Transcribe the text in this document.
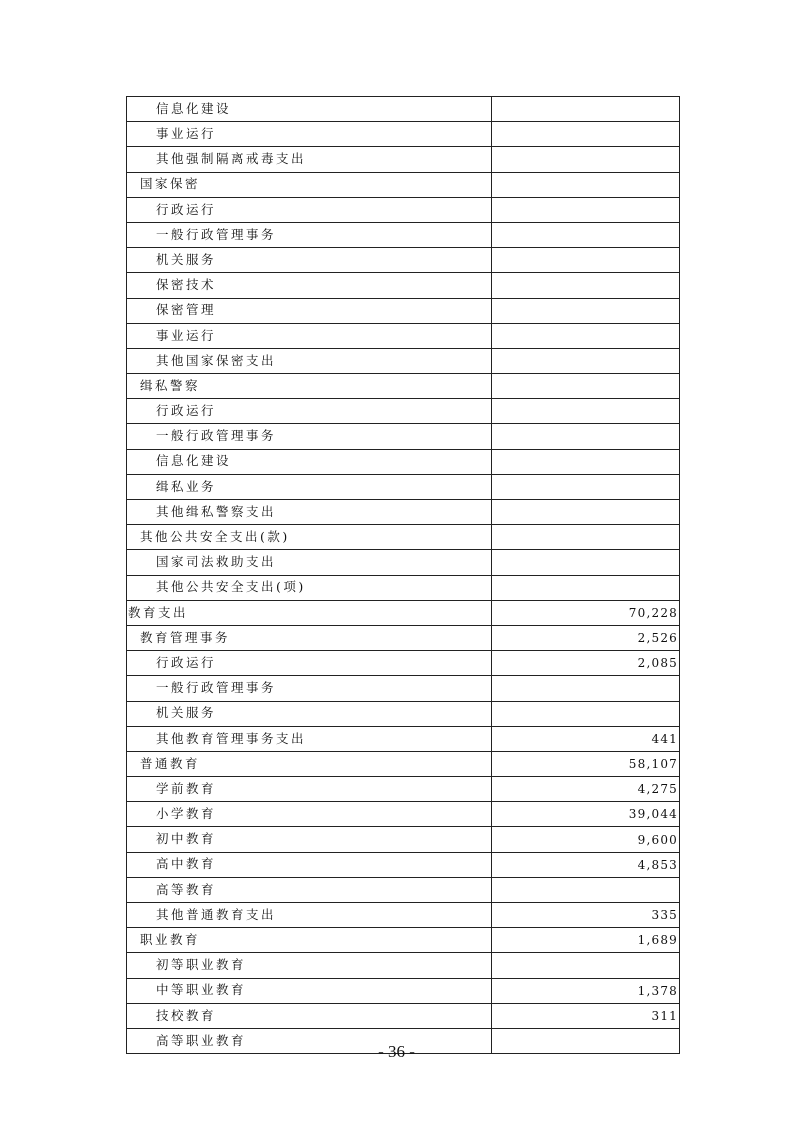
信息化建设	
事业运行	
其他强制隔离戒毒支出	
国家保密	
行政运行	
一般行政管理事务	
机关服务	
保密技术	
保密管理	
事业运行	
其他国家保密支出	
缉私警察	
行政运行	
一般行政管理事务	
信息化建设	
缉私业务	
其他缉私警察支出	
其他公共安全支出(款)	
国家司法救助支出	
其他公共安全支出(项)	
教育支出	70,228
教育管理事务	2,526
行政运行	2,085
一般行政管理事务	
机关服务	
其他教育管理事务支出	441
普通教育	58,107
学前教育	4,275
小学教育	39,044
初中教育	9,600
高中教育	4,853
高等教育	
其他普通教育支出	335
职业教育	1,689
初等职业教育	
中等职业教育	1,378
技校教育	311
高等职业教育	
- 36 -
